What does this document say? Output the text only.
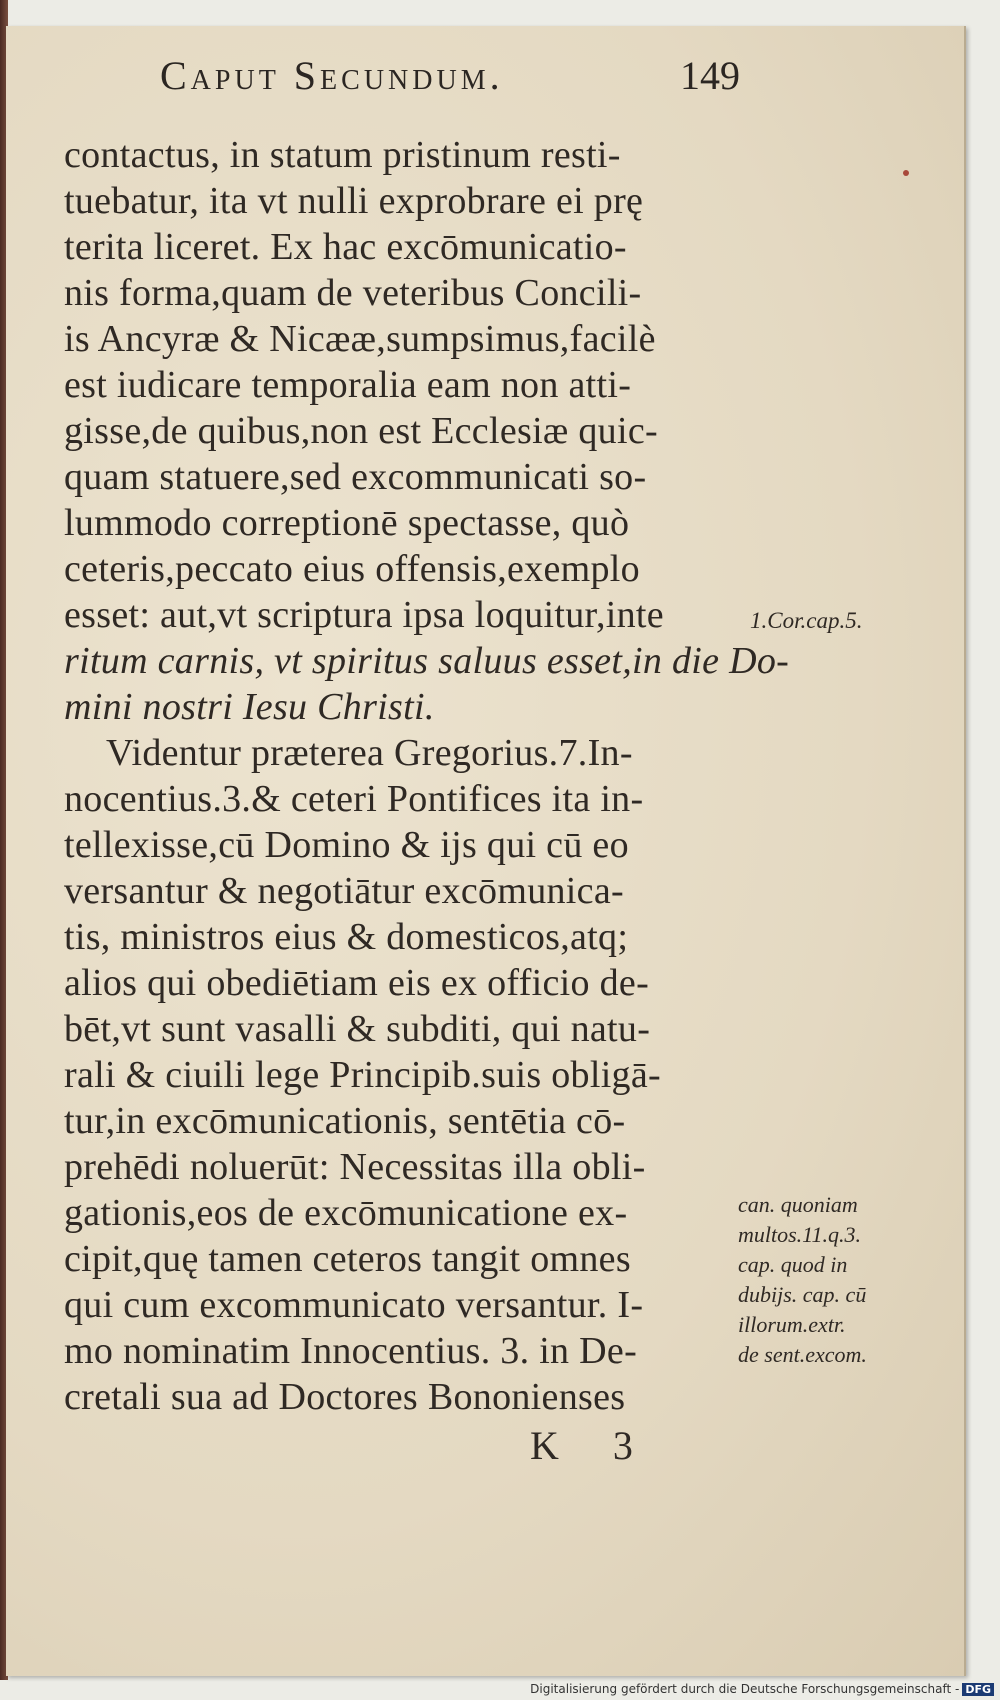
Caput Secundum.	149
contactus, in statum pristinum resti-
tuebatur, ita vt nulli exprobrare ei prę
terita liceret. Ex hac excōmunicatio-
nis forma,quam de veteribus Concili-
is Ancyræ & Nicææ,sumpsimus,facilè
est iudicare temporalia eam non atti-
gisse,de quibus,non est Ecclesiæ quic-
quam statuere,sed excommunicati so-
lummodo correptionē spectasse, quò
ceteris,peccato eius offensis,exemplo
esset: aut,vt scriptura ipsa loquitur,inte
ritum carnis, vt spiritus saluus esset,in die Do-
mini nostri Iesu Christi.
Videntur præterea Gregorius.7.In-
nocentius.3.& ceteri Pontifices ita in-
tellexisse,cū Domino & ijs qui cū eo
versantur & negotiātur excōmunica-
tis, ministros eius & domesticos,atq;
alios qui obediētiam eis ex officio de-
bēt,vt sunt vasalli & subditi, qui natu-
rali & ciuili lege Principib.suis obligā-
tur,in excōmunicationis, sentētia cō-
prehēdi noluerūt: Necessitas illa obli-
gationis,eos de excōmunicatione ex-
cipit,quę tamen ceteros tangit omnes
qui cum excommunicato versantur. I-
mo nominatim Innocentius. 3. in De-
cretali sua ad Doctores Bononienses
1.Cor.cap.5.
can. quoniam
multos.11.q.3.
cap. quod in
dubijs. cap. cū
illorum.extr.
de sent.excom.
K 3
Digitalisierung gefördert durch die Deutsche Forschungsgemeinschaft - DFG
